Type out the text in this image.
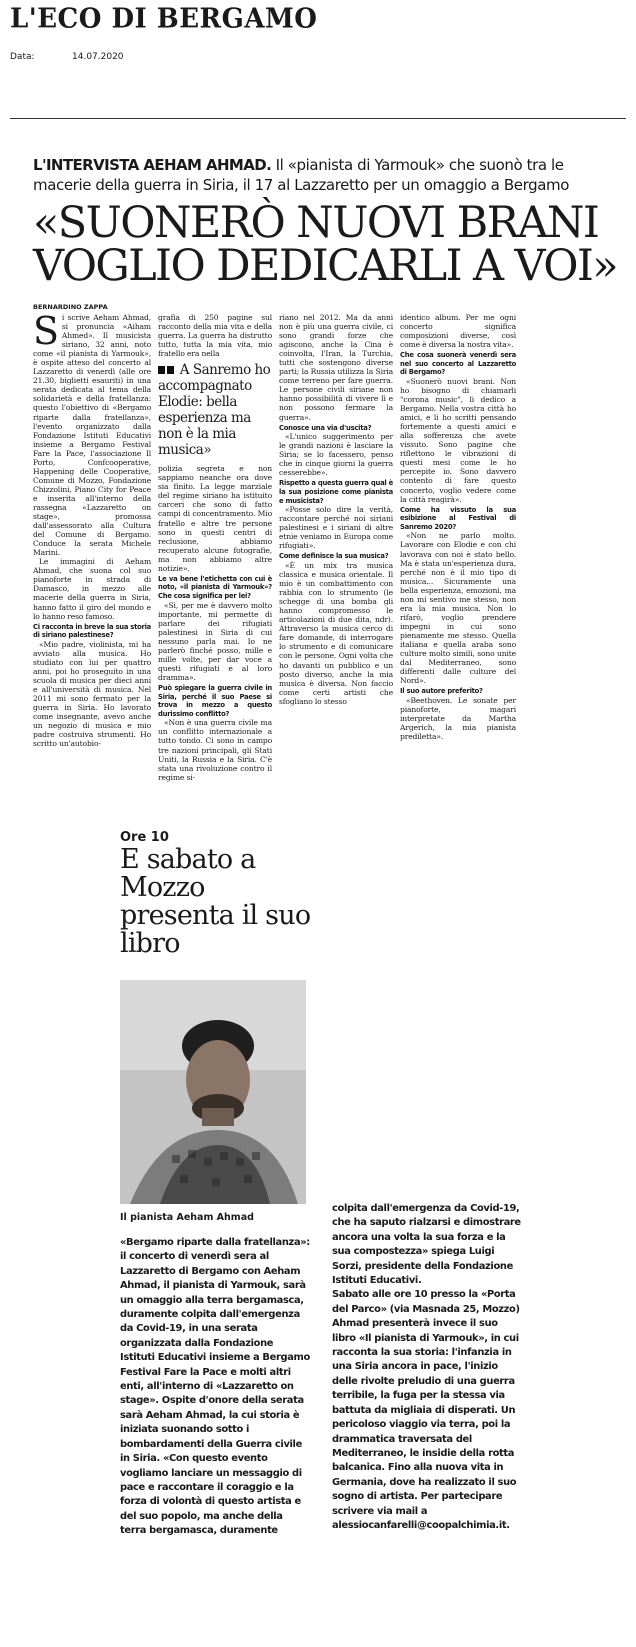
L'ECO DI BERGAMO
Data:	14.07.2020
L'INTERVISTA AEHAM AHMAD. Il «pianista di Yarmouk» che suonò tra le macerie della guerra in Siria, il 17 al Lazzaretto per un omaggio a Bergamo
«SUONERÒ NUOVI BRANI VOGLIO DEDICARLI A VOI»
BERNARDINO ZAPPA

Si scrive Aeham Ahmad, si pronuncia «Aiham Ahmed». Il musicista siriano, 32 anni, noto come «il pianista di Yarmouk», è ospite atteso del concerto al Lazzaretto di venerdì (alle ore 21.30, biglietti esauriti) in una serata dedicata al tema della solidarietà e della fratellanza: questo l'obiettivo di «Bergamo riparte dalla fratellanza», l'evento organizzato dalla Fondazione Istituti Educativi insieme a Bergamo Festival Fare la Pace, l'associazione Il Porto, Confcooperative, Happening delle Cooperative, Comune di Mozzo, Fondazione Chizzolini, Piano City for Peace e inserita all'interno della rassegna «Lazzaretto on stage», promossa dall'assessorato alla Cultura del Comune di Bergamo. Conduce la serata Michele Marini.

Le immagini di Aeham Ahmad, che suona col suo pianoforte in strada di Damasco, in mezzo alle macerie della guerra in Siria, hanno fatto il giro del mondo e lo hanno reso famoso.

Ci racconta in breve la sua storia di siriano palestinese?

«Mio padre, violinista, mi ha avviato alla musica. Ho studiato con lui per quattro anni, poi ho proseguito in una scuola di musica per dieci anni e all'università di musica. Nel 2011 mi sono fermato per la guerra in Siria. Ho lavorato come insegnante, avevo anche un negozio di musica e mio padre costruiva strumenti. Ho scritto un'autobio-

grafia di 250 pagine sul racconto della mia vita e della guerra. La guerra ha distrutto tutto, tutta la mia vita, mio fratello era nella

A Sanremo ho accompagnato Elodie: bella esperienza ma non è la mia musica»

polizia segreta e non sappiamo neanche ora dove sia finito. La legge marziale del regime siriano ha istituito carceri che sono di fatto campi di concentramento. Mio fratello e altre tre persone sono in questi centri di reclusione, abbiamo recuperato alcune fotografie, ma non abbiamo altre notizie».

Le va bene l'etichetta con cui è noto, «il pianista di Yarmouk»? Che cosa significa per lei?

«Sì, per me è davvero molto importante, mi permette di parlare dei rifugiati palestinesi in Siria di cui nessuno parla mai. Io ne parlerò finché posso, mille e mille volte, per dar voce a questi rifugiati e al loro dramma».

Può spiegare la guerra civile in Siria, perché il suo Paese si trova in mezzo a questo durissimo conflitto?

«Non è una guerra civile ma un conflitto internazionale a tutto tondo. Ci sono in campo tre nazioni principali, gli Stati Uniti, la Russia e la Siria. C'è stata una rivoluzione contro il regime si-

riano nel 2012. Ma da anni non è più una guerra civile, ci sono grandi forze che agiscono, anche la Cina è coinvolta, l'Iran, la Turchia, tutti che sostengono diverse parti; la Russia utilizza la Siria come terreno per fare guerra. Le persone civili siriane non hanno possibilità di vivere lì e non possono fermare la guerra».

Conosce una via d'uscita?

«L'unico suggerimento per le grandi nazioni è lasciare la Siria; se lo facessero, penso che in cinque giorni la guerra cesserebbe».

Rispetto a questa guerra qual è la sua posizione come pianista e musicista?

«Posse solo dire la verità, raccontare perché noi siriani palestinesi e i siriani di altre etnie veniamo in Europa come rifugiati».

Come definisce la sua musica?

«È un mix tra musica classica e musica orientale. Il mio è un combattimento con rabbia con lo strumento (le schegge di una bomba gli hanno compromesso le articolazioni di due dita, ndr). Attraverso la musica cerco di fare domande, di interrogare lo strumento e di comunicare con le persone. Ogni volta che ho davanti un pubblico e un posto diverso, anche la mia musica è diversa. Non faccio come certi artisti che sfogliano lo stesso

identico album. Per me ogni concerto significa composizioni diverse, così come è diversa la nostra vita».

Che cosa suonerà venerdì sera nel suo concerto al Lazzaretto di Bergamo?

«Suonerò nuovi brani. Non ho bisogno di chiamarli "corona music", li dedico a Bergamo. Nella vostra città ho amici, e li ho scritti pensando fortemente a questi amici e alla sofferenza che avete vissuto. Sono pagine che riflettono le vibrazioni di questi mesi come le ho percepite io. Sono davvero contento di fare questo concerto, voglio vedere come la città reagirà».

Come ha vissuto la sua esibizione al Festival di Sanremo 2020?

«Non ne parlo molto. Lavorare con Elodie e con chi lavorava con noi è stato bello. Ma è stata un'esperienza dura, perché non è il mio tipo di musica... Sicuramente una bella esperienza, emozioni, ma non mi sentivo me stesso, non era la mia musica. Non lo rifarò, voglio prendere impegni in cui sono pienamente me stesso. Quella italiana e quella araba sono culture molto simili, sono unite dal Mediterraneo, sono differenti dalle culture del Nord».

Il suo autore preferito?

«Beethoven. Le sonate per pianoforte, magari interpretate da Martha Argerich, la mia pianista prediletta».

Ore 10
E sabato a Mozzo presenta il suo libro
Il pianista Aeham Ahmad

«Bergamo riparte dalla fratellanza»: il concerto di venerdì sera al Lazzaretto di Bergamo con Aeham Ahmad, il pianista di Yarmouk, sarà un omaggio alla terra bergamasca, duramente colpita dall'emergenza da Covid-19, in una serata organizzata dalla Fondazione Istituti Educativi insieme a Bergamo Festival Fare la Pace e molti altri enti, all'interno di «Lazzaretto on stage». Ospite d'onore della serata sarà Aeham Ahmad, la cui storia è iniziata suonando sotto i bombardamenti della Guerra civile in Siria. «Con questo evento vogliamo lanciare un messaggio di pace e raccontare il coraggio e la forza di volontà di questo artista e del suo popolo, ma anche della terra bergamasca, duramente

colpita dall'emergenza da Covid-19, che ha saputo rialzarsi e dimostrare ancora una volta la sua forza e la sua compostezza» spiega Luigi Sorzi, presidente della Fondazione Istituti Educativi.

Sabato alle ore 10 presso la «Porta del Parco» (via Masnada 25, Mozzo) Ahmad presenterà invece il suo libro «Il pianista di Yarmouk», in cui racconta la sua storia: l'infanzia in una Siria ancora in pace, l'inizio delle rivolte preludio di una guerra terribile, la fuga per la stessa via battuta da migliaia di disperati. Un pericoloso viaggio via terra, poi la drammatica traversata del Mediterraneo, le insidie della rotta balcanica. Fino alla nuova vita in Germania, dove ha realizzato il suo sogno di artista. Per partecipare scrivere via mail a alessiocanfarelli@coopalchimia.it.
